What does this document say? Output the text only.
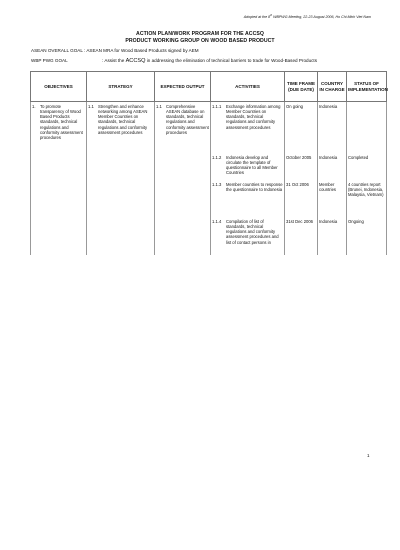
Adopted at the 8th WBPWG Meeting, 22-23 August 2006, Ho Chi Minh Viet Nam
ACTION PLAN/WORK PROGRAM FOR THE ACCSQ
PRODUCT WORKING GROUP ON WOOD BASED PRODUCT
ASEAN OVERALL GOAL : ASEAN MRA for Wood Based Products signed by AEM
WBP PWG GOAL	: Assist the ACCSQ in addressing the elimination of technical barriers to trade for Wood-Based Products
OBJECTIVES	STRATEGY	EXPECTED OUTPUT	ACTIVITIES	TIME FRAME (DUE DATE)	COUNTRY IN CHARGE	STATUS OF IMPLEMENTATION

1. To promote transparency of Wood Based Products standards, technical regulations and conformity assessment procedures	1.1 Strengthen and enhance networking among ASEAN Member Countries on standards, technical regulations and conformity assessment procedures	1.1 Comprehensive ASEAN database on standards, technical regulations and conformity assessment procedures	1.1.1 Exchange information among Member Countries on standards, technical regulations and conformity assessment procedures	On going	Indonesia	

			1.1.2 Indonesia develop and circulate the template of questionnaire to all Member Countries	October 2005	Indonesia	Completed

			1.1.3 Member countries to response the questionnaire to Indonesia	31 Oct 2006	Member countries	4 countries report (Brunei, Indonesia, Malaysia, Vietnam)

			1.1.4 Compilation of list of standards, technical regulations and conformity assessment procedures and list of contact persons in	31st Dec 2006	Indonesia	Ongoing
1
